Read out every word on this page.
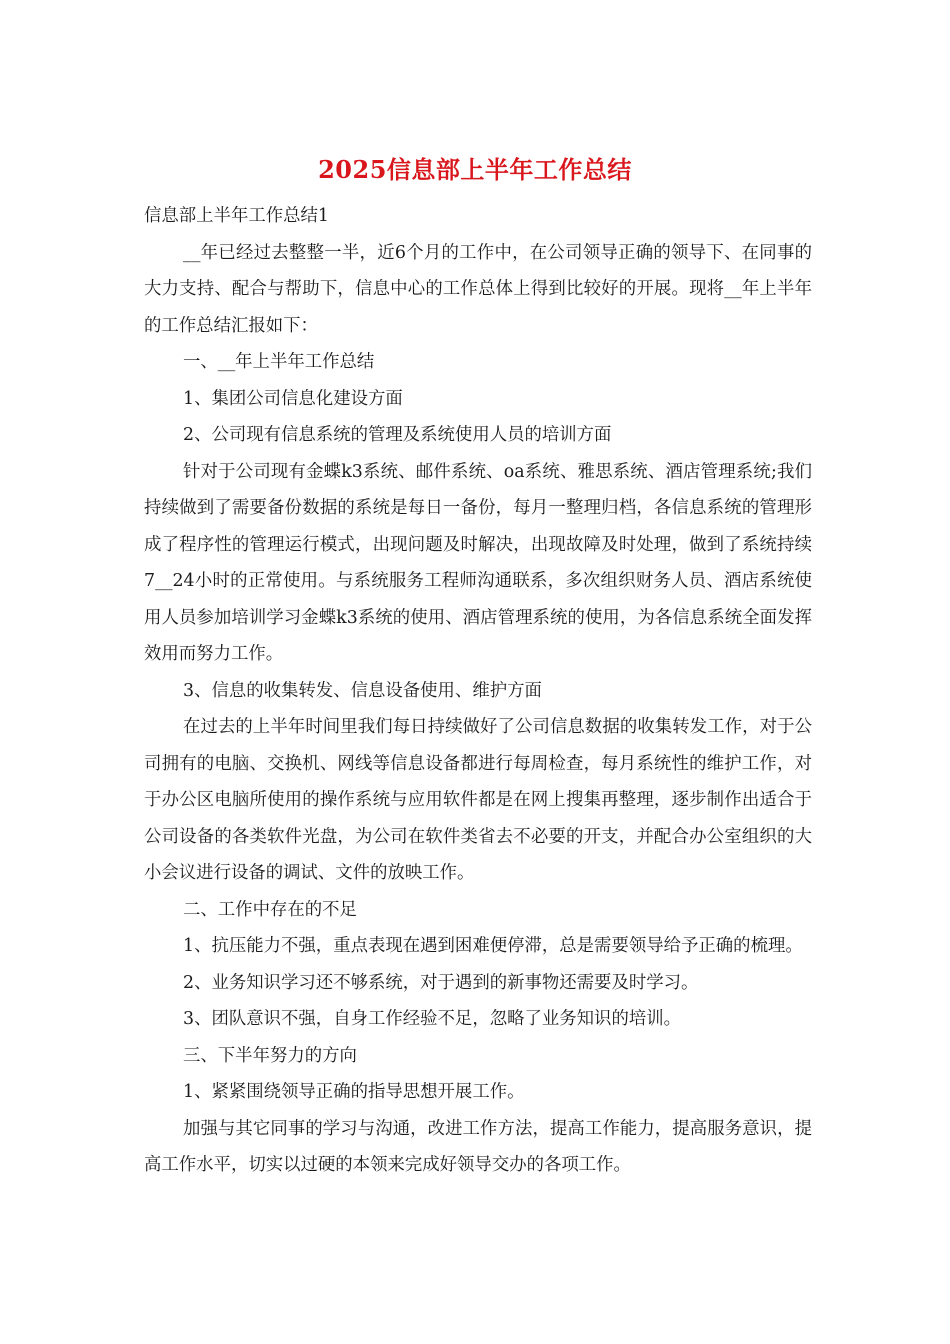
2025信息部上半年工作总结

信息部上半年工作总结1

__年已经过去整整一半，近6个月的工作中，在公司领导正确的领导下、在同事的大力支持、配合与帮助下，信息中心的工作总体上得到比较好的开展。现将__年上半年的工作总结汇报如下：

一、__年上半年工作总结

1、集团公司信息化建设方面

2、公司现有信息系统的管理及系统使用人员的培训方面

针对于公司现有金蝶k3系统、邮件系统、oa系统、雅思系统、酒店管理系统;我们持续做到了需要备份数据的系统是每日一备份，每月一整理归档，各信息系统的管理形成了程序性的管理运行模式，出现问题及时解决，出现故障及时处理，做到了系统持续7__24小时的正常使用。与系统服务工程师沟通联系，多次组织财务人员、酒店系统使用人员参加培训学习金蝶k3系统的使用、酒店管理系统的使用，为各信息系统全面发挥效用而努力工作。

3、信息的收集转发、信息设备使用、维护方面

在过去的上半年时间里我们每日持续做好了公司信息数据的收集转发工作，对于公司拥有的电脑、交换机、网线等信息设备都进行每周检查，每月系统性的维护工作，对于办公区电脑所使用的操作系统与应用软件都是在网上搜集再整理，逐步制作出适合于公司设备的各类软件光盘，为公司在软件类省去不必要的开支，并配合办公室组织的大小会议进行设备的调试、文件的放映工作。

二、工作中存在的不足

1、抗压能力不强，重点表现在遇到困难便停滞，总是需要领导给予正确的梳理。

2、业务知识学习还不够系统，对于遇到的新事物还需要及时学习。

3、团队意识不强，自身工作经验不足，忽略了业务知识的培训。

三、下半年努力的方向

1、紧紧围绕领导正确的指导思想开展工作。

加强与其它同事的学习与沟通，改进工作方法，提高工作能力，提高服务意识，提高工作水平，切实以过硬的本领来完成好领导交办的各项工作。
